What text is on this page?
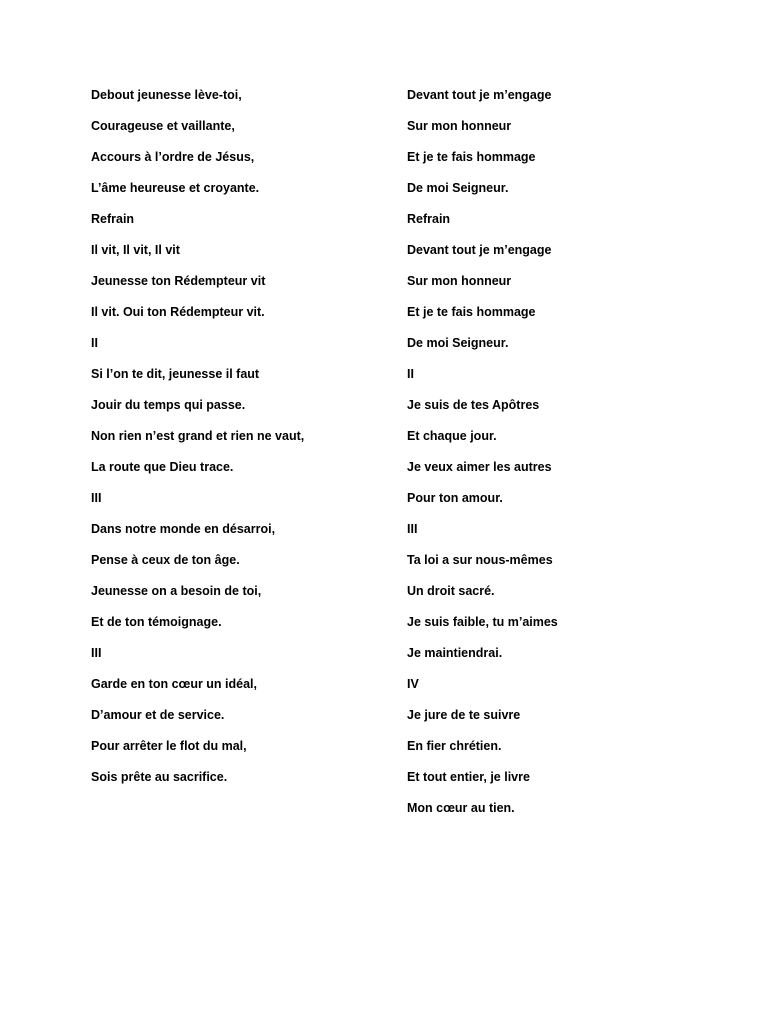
Debout jeunesse lève-toi,
Courageuse et vaillante,
Accours à l’ordre de Jésus,
L’âme heureuse et croyante.
Refrain
Il vit, Il vit, Il vit
Jeunesse ton Rédempteur vit
Il vit. Oui ton Rédempteur vit.
II
Si l’on te dit, jeunesse il faut
Jouir du temps qui passe.
Non rien n’est grand et rien ne vaut,
La route que Dieu trace.
III
Dans notre monde en désarroi,
Pense à ceux de ton âge.
Jeunesse on a besoin de toi,
Et de ton témoignage.
III
Garde en ton cœur un idéal,
D’amour et de service.
Pour arrêter le flot du mal,
Sois prête au sacrifice.
Devant tout je m’engage
Sur mon honneur
Et je te fais hommage
De moi Seigneur.
Refrain
Devant tout je m’engage
Sur mon honneur
Et je te fais hommage
De moi Seigneur.
II
Je suis de tes Apôtres
Et chaque jour.
Je veux aimer les autres
Pour ton amour.
III
Ta loi a sur nous-mêmes
Un droit sacré.
Je suis faible, tu m’aimes
Je maintiendrai.
IV
Je jure de te suivre
En fier chrétien.
Et tout entier, je livre
Mon cœur au tien.
